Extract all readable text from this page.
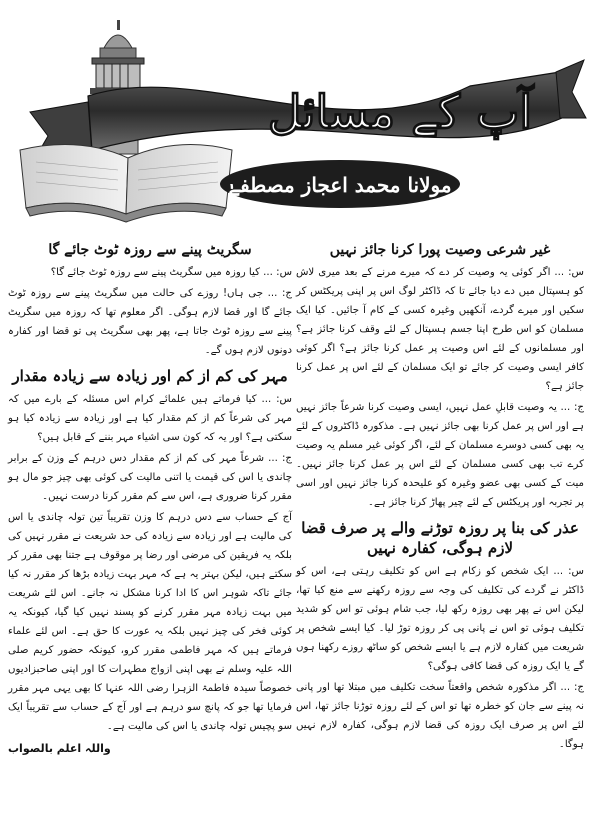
آپ کے مسائل
مولانا محمد اعجاز مصطفےٰ
غیر شرعی وصیت پورا کرنا جائز نہیں

س: ... اگر کوئی یہ وصیت کر دے کہ میرے مرنے کے بعد میری لاش کو ہسپتال میں دے دیا جائے تا کہ ڈاکٹر لوگ اس پر اپنی پریکٹس کر سکیں اور میرے گردے، آنکھیں وغیرہ کسی کے کام آ جائیں۔ کیا ایک مسلمان کو اس طرح اپنا جسم ہسپتال کے لئے وقف کرنا جائز ہے؟ اور مسلمانوں کے لئے اس وصیت پر عمل کرنا جائز ہے؟ اگر کوئی کافر ایسی وصیت کر جائے تو ایک مسلمان کے لئے اس پر عمل کرنا جائز ہے؟

ج: ... یہ وصیت قابلِ عمل نہیں، ایسی وصیت کرنا شرعاً جائز نہیں ہے اور اس پر عمل کرنا بھی جائز نہیں ہے۔ مذکورہ ڈاکٹروں کے لئے یہ بھی کسی دوسرے مسلمان کے لئے، اگر کوئی غیر مسلم یہ وصیت کرے تب بھی کسی مسلمان کے لئے اس پر عمل کرنا جائز نہیں۔ میت کے کسی بھی عضو وغیرہ کو علیحدہ کرنا جائز نہیں اور اسی پر تجربہ اور پریکٹس کے لئے چیر پھاڑ کرنا جائز ہے۔

عذر کی بنا پر روزہ توڑنے والے پر صرف قضا لازم ہوگی، کفارہ نہیں

س: ... ایک شخص کو زکام ہے اس کو تکلیف رہتی ہے، اس کو ڈاکٹر نے گردے کی تکلیف کی وجہ سے روزہ رکھنے سے منع کیا تھا، لیکن اس نے پھر بھی روزہ رکھ لیا، جب شام ہوئی تو اس کو شدید تکلیف ہوئی تو اس نے پانی پی کر روزہ توڑ لیا۔ کیا ایسے شخص پر شریعت میں کفارہ لازم ہے یا ایسے شخص کو ساٹھ روزے رکھنا ہوں گے یا ایک روزہ کی قضا کافی ہوگی؟

ج: ... اگر مذکورہ شخص واقعتاً سخت تکلیف میں مبتلا تھا اور پانی نہ پینے سے جان کو خطرہ تھا تو اس کے لئے روزہ توڑنا جائز تھا، اس لئے اس پر صرف ایک روزہ کی قضا لازم ہوگی، کفارہ لازم نہیں ہوگا۔

سگریٹ پینے سے روزہ ٹوٹ جائے گا

س: ... کیا روزہ میں سگریٹ پینے سے روزہ ٹوٹ جائے گا؟

ج: ... جی ہاں! روزے کی حالت میں سگریٹ پینے سے روزہ ٹوٹ جائے گا اور قضا لازم ہوگی۔ اگر معلوم تھا کہ روزہ میں سگریٹ پینے سے روزہ ٹوٹ جاتا ہے، پھر بھی سگریٹ پی تو قضا اور کفارہ دونوں لازم ہوں گے۔

مہر کی کم از کم اور زیادہ سے زیادہ مقدار

س: ... کیا فرماتے ہیں علمائے کرام اس مسئلہ کے بارے میں کہ مہر کی شرعاً کم از کم مقدار کیا ہے اور زیادہ سے زیادہ کیا ہو سکتی ہے؟ اور یہ کہ کون سی اشیاء مہر بننے کے قابل ہیں؟

ج: ... شرعاً مہر کی کم از کم مقدار دس درہم کے وزن کے برابر چاندی یا اس کی قیمت یا اتنی مالیت کی کوئی بھی چیز جو مال ہو مقرر کرنا ضروری ہے، اس سے کم مقرر کرنا درست نہیں۔

آج کے حساب سے دس درہم کا وزن تقریباً تین تولہ چاندی یا اس کی مالیت ہے اور زیادہ سے زیادہ کی حد شریعت نے مقرر نہیں کی بلکہ یہ فریقین کی مرضی اور رضا پر موقوف ہے جتنا بھی مقرر کر سکتے ہیں، لیکن بہتر یہ ہے کہ مہر بہت زیادہ بڑھا کر مقرر نہ کیا جائے تاکہ شوہر اس کا ادا کرنا مشکل نہ جانے۔ اس لئے شریعت میں بہت زیادہ مہر مقرر کرنے کو پسند نہیں کیا گیا، کیونکہ یہ کوئی فخر کی چیز نہیں بلکہ یہ عورت کا حق ہے۔ اس لئے علماء فرماتے ہیں کہ مہر فاطمی مقرر کرو، کیونکہ حضور کریم صلی اللہ علیہ وسلم نے بھی اپنی ازواج مطہرات کا اور اپنی صاحبزادیوں خصوصاً سیدہ فاطمۃ الزہرا رضی اللہ عنہا کا بھی یہی مہر مقرر فرمایا تھا جو کہ پانچ سو درہم ہے اور آج کے حساب سے تقریباً ایک سو پچیس تولہ چاندی یا اس کی مالیت ہے۔

واللہ اعلم بالصواب
